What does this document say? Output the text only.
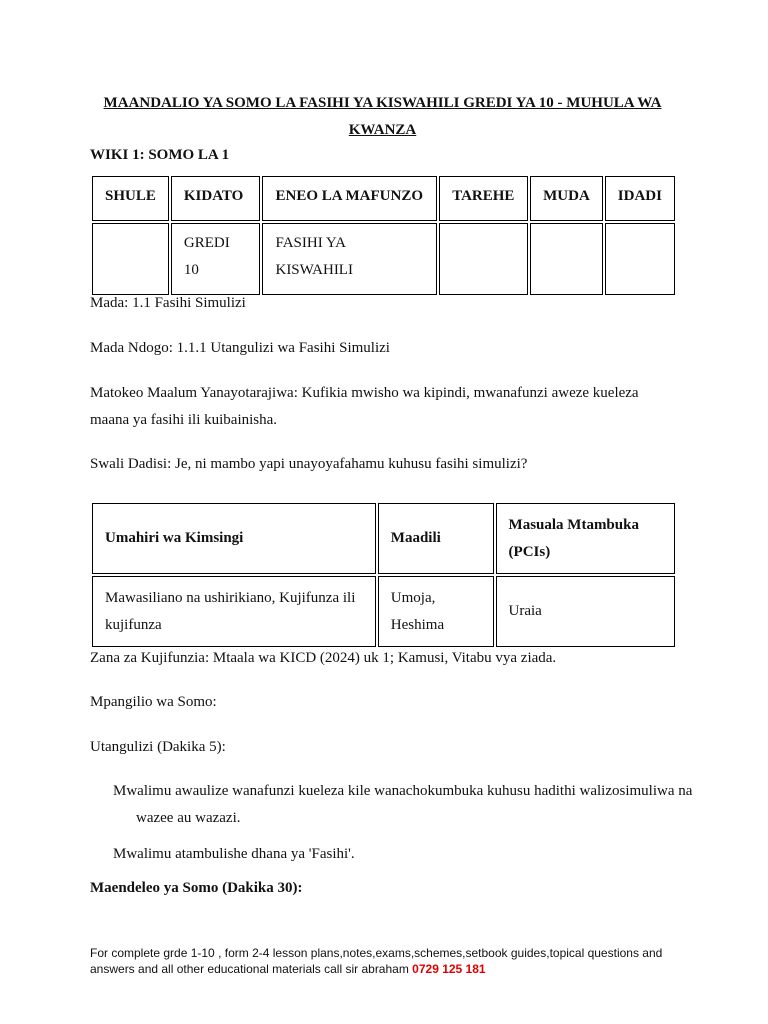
MAANDALIO YA SOMO LA FASIHI YA KISWAHILI GREDI YA 10 - MUHULA WA KWANZA
WIKI 1: SOMO LA 1
SHULE	KIDATO	ENEO LA MAFUNZO	TAREHE	MUDA	IDADI
	GREDI 10	FASIHI YA KISWAHILI			
Mada: 1.1 Fasihi Simulizi
Mada Ndogo: 1.1.1 Utangulizi wa Fasihi Simulizi
Matokeo Maalum Yanayotarajiwa: Kufikia mwisho wa kipindi, mwanafunzi aweze kueleza maana ya fasihi ili kuibainisha.
Swali Dadisi: Je, ni mambo yapi unayoyafahamu kuhusu fasihi simulizi?
Umahiri wa Kimsingi	Maadili	Masuala Mtambuka (PCIs)
Mawasiliano na ushirikiano, Kujifunza ili kujifunza	Umoja, Heshima	Uraia
Zana za Kujifunzia: Mtaala wa KICD (2024) uk 1; Kamusi, Vitabu vya ziada.
Mpangilio wa Somo:
Utangulizi (Dakika 5):
Mwalimu awaulize wanafunzi kueleza kile wanachokumbuka kuhusu hadithi walizosimuliwa na wazee au wazazi.
Mwalimu atambulishe dhana ya 'Fasihi'.
Maendeleo ya Somo (Dakika 30):
For complete grde 1-10 , form 2-4 lesson plans,notes,exams,schemes,setbook guides,topical questions and answers and all other educational materials call sir abraham 0729 125 181
